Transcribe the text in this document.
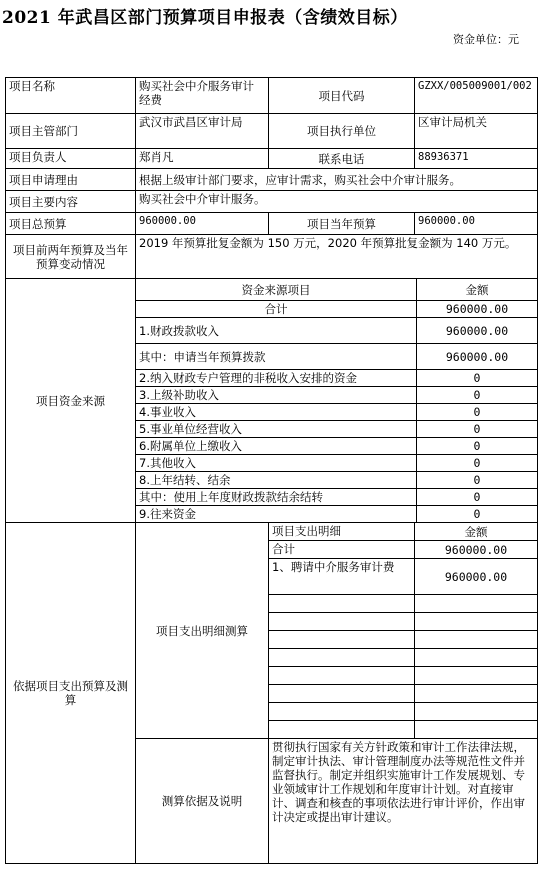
2021 年武昌区部门预算项目申报表（含绩效目标）
资金单位：元
项目名称	购买社会中介服务审计经费	项目代码	GZXX/005009001/002
项目主管部门	武汉市武昌区审计局	项目执行单位	区审计局机关
项目负责人	郑肖凡	联系电话	88936371
项目申请理由	根据上级审计部门要求，应审计需求，购买社会中介审计服务。
项目主要内容	购买社会中介审计服务。
项目总预算	960000.00	项目当年预算	960000.00
项目前两年预算及当年预算变动情况	2019 年预算批复金额为 150 万元，2020 年预算批复金额为 140 万元。
项目资金来源	
资金来源项目	金额
合计	960000.00
1.财政拨款收入	960000.00
其中：申请当年预算拨款	960000.00
2.纳入财政专户管理的非税收入安排的资金	0
3.上级补助收入	0
4.事业收入	0
5.事业单位经营收入	0
6.附属单位上缴收入	0
7.其他收入	0
8.上年结转、结余	0
其中：使用上年度财政拨款结余结转	0
9.往来资金	0

依据项目支出预算及测算	
项目支出明细测算	项目支出明细	金额
合计	960000.00
1、聘请中介服务审计费	960000.00

测算依据及说明	贯彻执行国家有关方针政策和审计工作法律法规，制定审计执法、审计管理制度办法等规范性文件并监督执行。制定并组织实施审计工作发展规划、专业领域审计工作规划和年度审计计划。对直接审计、调查和核查的事项依法进行审计评价，作出审计决定或提出审计建议。
